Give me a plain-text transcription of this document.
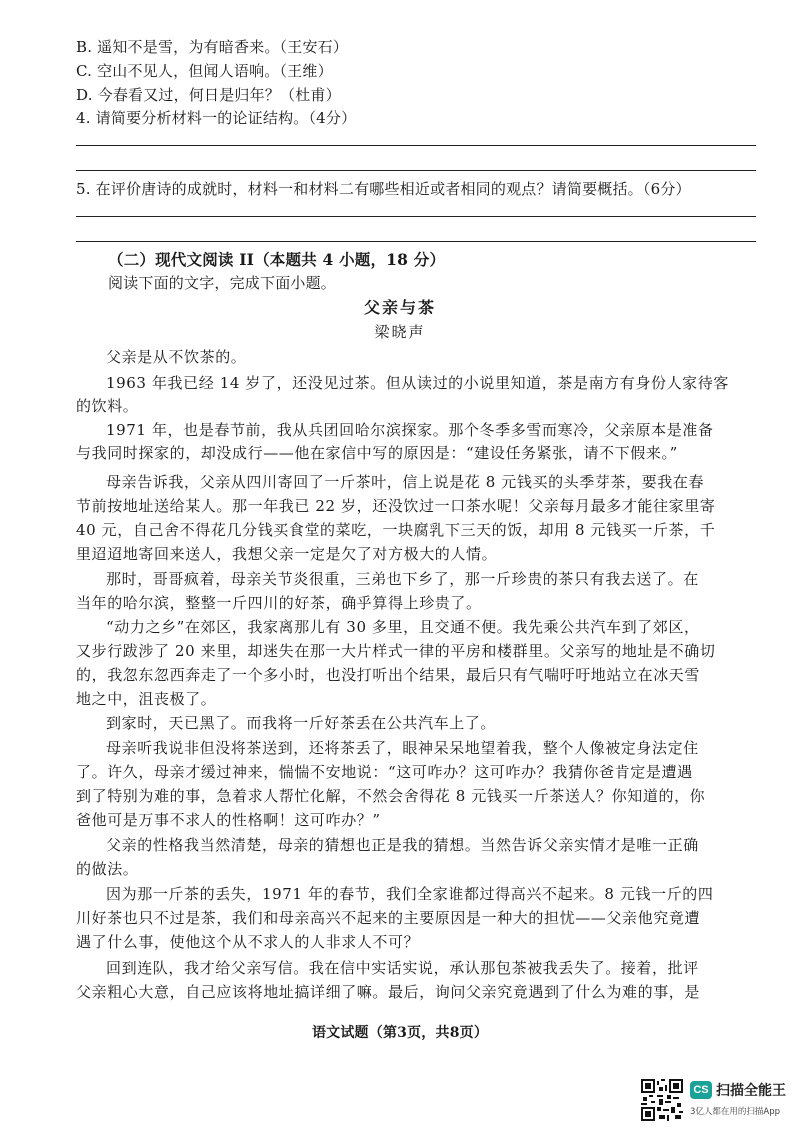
B. 遥知不是雪，为有暗香来。（王安石）
C. 空山不见人，但闻人语响。（王维）
D. 今春看又过，何日是归年？（杜甫）
4. 请简要分析材料一的论证结构。（4分）
5. 在评价唐诗的成就时，材料一和材料二有哪些相近或者相同的观点？请简要概括。（6分）
（二）现代文阅读 II（本题共 4 小题，18 分）
阅读下面的文字，完成下面小题。
父亲与茶
梁晓声
父亲是从不饮茶的。
1963 年我已经 14 岁了，还没见过茶。但从读过的小说里知道，茶是南方有身份人家待客
的饮料。
1971 年，也是春节前，我从兵团回哈尔滨探家。那个冬季多雪而寒冷，父亲原本是准备
与我同时探家的，却没成行——他在家信中写的原因是：“建设任务紧张，请不下假来。”
母亲告诉我，父亲从四川寄回了一斤茶叶，信上说是花 8 元钱买的头季芽茶，要我在春
节前按地址送给某人。那一年我已 22 岁，还没饮过一口茶水呢！父亲每月最多才能往家里寄
40 元，自己舍不得花几分钱买食堂的菜吃，一块腐乳下三天的饭，却用 8 元钱买一斤茶，千
里迢迢地寄回来送人，我想父亲一定是欠了对方极大的人情。
那时，哥哥疯着，母亲关节炎很重，三弟也下乡了，那一斤珍贵的茶只有我去送了。在
当年的哈尔滨，整整一斤四川的好茶，确乎算得上珍贵了。
“动力之乡”在郊区，我家离那儿有 30 多里，且交通不便。我先乘公共汽车到了郊区，
又步行跋涉了 20 来里，却迷失在那一大片样式一律的平房和楼群里。父亲写的地址是不确切
的，我忽东忽西奔走了一个多小时，也没打听出个结果，最后只有气喘吁吁地站立在冰天雪
地之中，沮丧极了。
到家时，天已黑了。而我将一斤好茶丢在公共汽车上了。
母亲听我说非但没将茶送到，还将茶丢了，眼神呆呆地望着我，整个人像被定身法定住
了。许久，母亲才缓过神来，惴惴不安地说：“这可咋办？这可咋办？我猜你爸肯定是遭遇
到了特别为难的事，急着求人帮忙化解，不然会舍得花 8 元钱买一斤茶送人？你知道的，你
爸他可是万事不求人的性格啊！这可咋办？”
父亲的性格我当然清楚，母亲的猜想也正是我的猜想。当然告诉父亲实情才是唯一正确
的做法。
因为那一斤茶的丢失，1971 年的春节，我们全家谁都过得高兴不起来。8 元钱一斤的四
川好茶也只不过是茶，我们和母亲高兴不起来的主要原因是一种大的担忧——父亲他究竟遭
遇了什么事，使他这个从不求人的人非求人不可？
回到连队，我才给父亲写信。我在信中实话实说，承认那包茶被我丢失了。接着，批评
父亲粗心大意，自己应该将地址搞详细了嘛。最后，询问父亲究竟遇到了什么为难的事，是
语文试题（第3页，共8页）
CS 扫描全能王
3亿人都在用的扫描App
